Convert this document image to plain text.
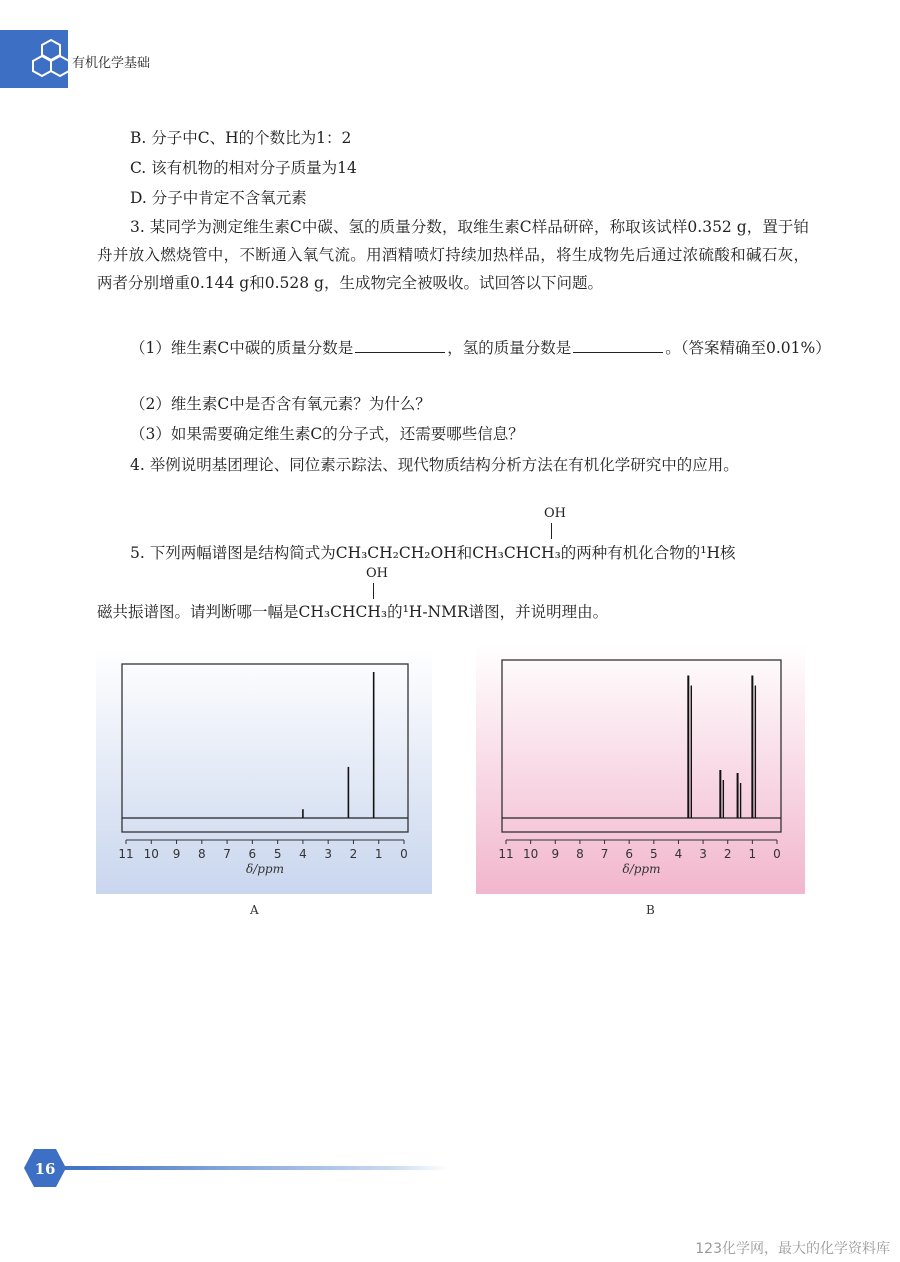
有机化学基础
B. 分子中C、H的个数比为1：2
C. 该有机物的相对分子质量为14
D. 分子中肯定不含氧元素
3. 某同学为测定维生素C中碳、氢的质量分数，取维生素C样品研碎，称取该试样0.352 g，置于铂舟并放入燃烧管中，不断通入氧气流。用酒精喷灯持续加热样品，将生成物先后通过浓硫酸和碱石灰，两者分别增重0.144 g和0.528 g，生成物完全被吸收。试回答以下问题。
（1）维生素C中碳的质量分数是	，氢的质量分数是	。（答案精确至0.01%）
（2）维生素C中是否含有氧元素？为什么？
（3）如果需要确定维生素C的分子式，还需要哪些信息？
4. 举例说明基团理论、同位素示踪法、现代物质结构分析方法在有机化学研究中的应用。
OH
5. 下列两幅谱图是结构简式为CH₃CH₂CH₂OH和CH₃CHCH₃的两种有机化合物的¹H核
OH
磁共振谱图。请判断哪一幅是CH₃CHCH₃的¹H-NMR谱图，并说明理由。
11 10 9 8 7 6 5 4 3 2 1 0
δ/ppm
A
11 10 9 8 7 6 5 4 3 2 1 0
δ/ppm
B
16
123化学网，最大的化学资料库
